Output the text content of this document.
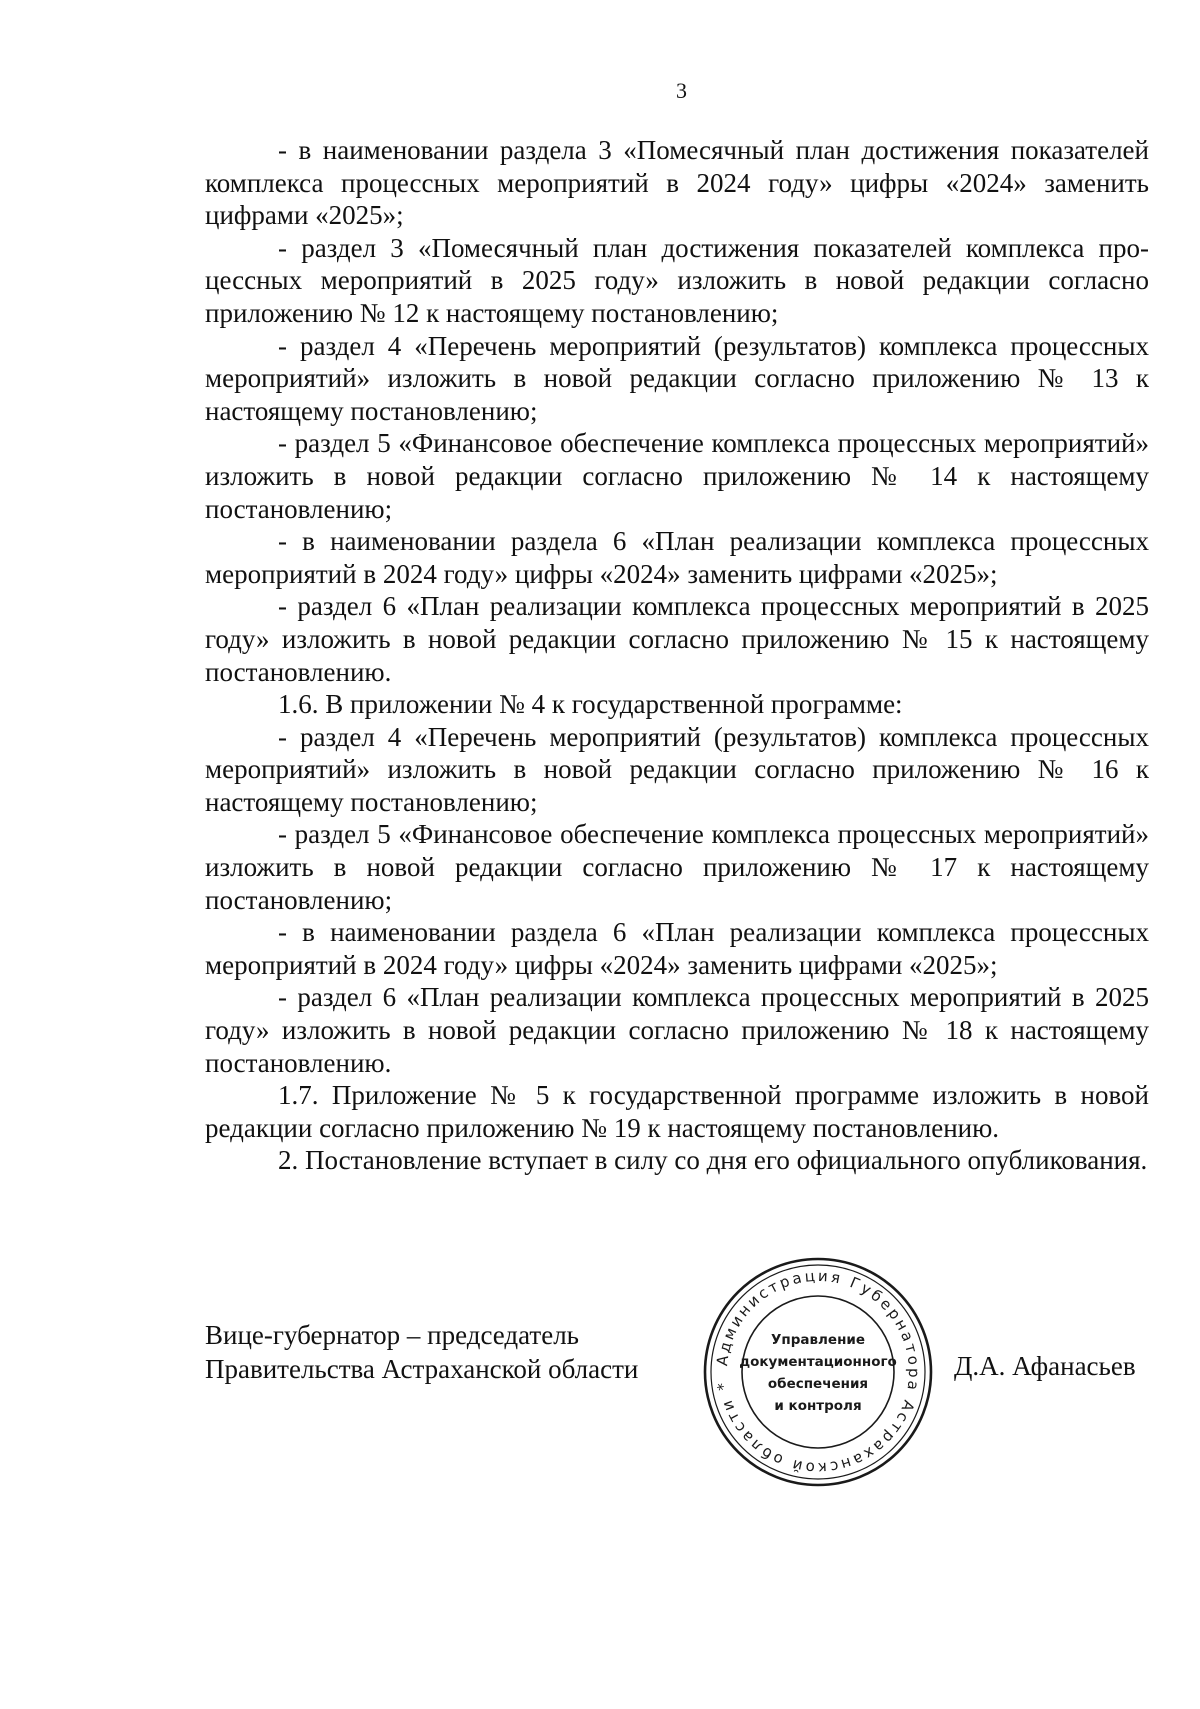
3

- в наименовании раздела 3 «Помесячный план достижения показателей комплекса процессных мероприятий в 2024 году» цифры «2024» заменить цифрами «2025»;

- раздел 3 «Помесячный план достижения показателей комплекса процессных мероприятий в 2025 году» изложить в новой редакции согласно приложению № 12 к настоящему постановлению;

- раздел 4 «Перечень мероприятий (результатов) комплекса процессных мероприятий» изложить в новой редакции согласно приложению № 13 к настоящему постановлению;

- раздел 5 «Финансовое обеспечение комплекса процессных мероприятий» изложить в новой редакции согласно приложению № 14 к настоящему постановлению;

- в наименовании раздела 6 «План реализации комплекса процессных мероприятий в 2024 году» цифры «2024» заменить цифрами «2025»;

- раздел 6 «План реализации комплекса процессных мероприятий в 2025 году» изложить в новой редакции согласно приложению № 15 к настоящему постановлению.

1.6. В приложении № 4 к государственной программе:

- раздел 4 «Перечень мероприятий (результатов) комплекса процессных мероприятий» изложить в новой редакции согласно приложению № 16 к настоящему постановлению;

- раздел 5 «Финансовое обеспечение комплекса процессных мероприятий» изложить в новой редакции согласно приложению № 17 к настоящему постановлению;

- в наименовании раздела 6 «План реализации комплекса процессных мероприятий в 2024 году» цифры «2024» заменить цифрами «2025»;

- раздел 6 «План реализации комплекса процессных мероприятий в 2025 году» изложить в новой редакции согласно приложению № 18 к настоящему постановлению.

1.7. Приложение № 5 к государственной программе изложить в новой редакции согласно приложению № 19 к настоящему постановлению.

2. Постановление вступает в силу со дня его официального опубликования.

Вице-губернатор – председатель
Правительства Астраханской области	Администрация Губернатора Астраханской области *
Управление
документационного
обеспечения
и контроля
Д.А. Афанасьев
